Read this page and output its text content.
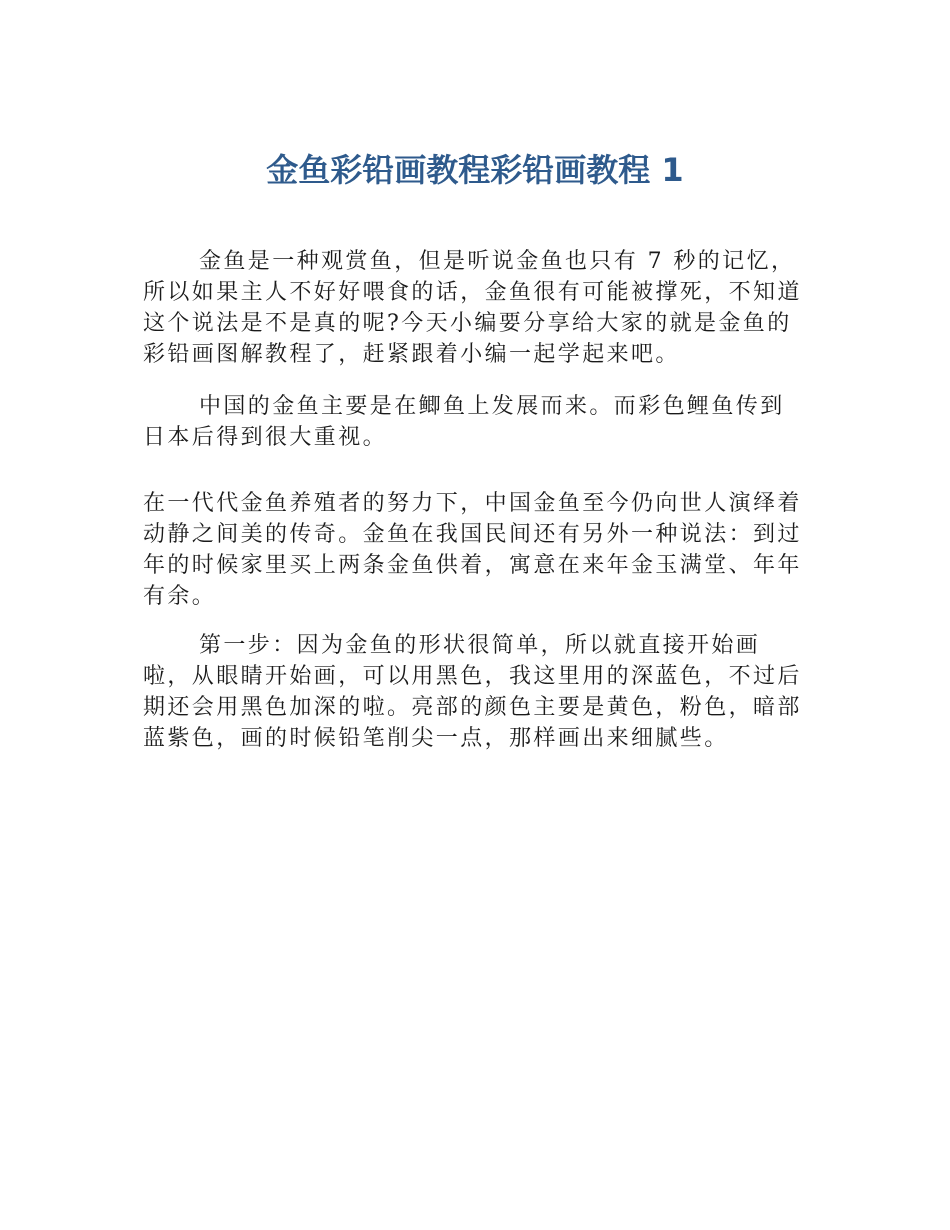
金鱼彩铅画教程彩铅画教程 1
金鱼是一种观赏鱼，但是听说金鱼也只有 7 秒的记忆，
所以如果主人不好好喂食的话，金鱼很有可能被撑死，不知道
这个说法是不是真的呢?今天小编要分享给大家的就是金鱼的
彩铅画图解教程了，赶紧跟着小编一起学起来吧。
中国的金鱼主要是在鲫鱼上发展而来。而彩色鲤鱼传到
日本后得到很大重视。
在一代代金鱼养殖者的努力下，中国金鱼至今仍向世人演绎着
动静之间美的传奇。金鱼在我国民间还有另外一种说法：到过
年的时候家里买上两条金鱼供着，寓意在来年金玉满堂、年年
有余。
第一步：因为金鱼的形状很简单，所以就直接开始画
啦，从眼睛开始画，可以用黑色，我这里用的深蓝色，不过后
期还会用黑色加深的啦。亮部的颜色主要是黄色，粉色，暗部
蓝紫色，画的时候铅笔削尖一点，那样画出来细腻些。
